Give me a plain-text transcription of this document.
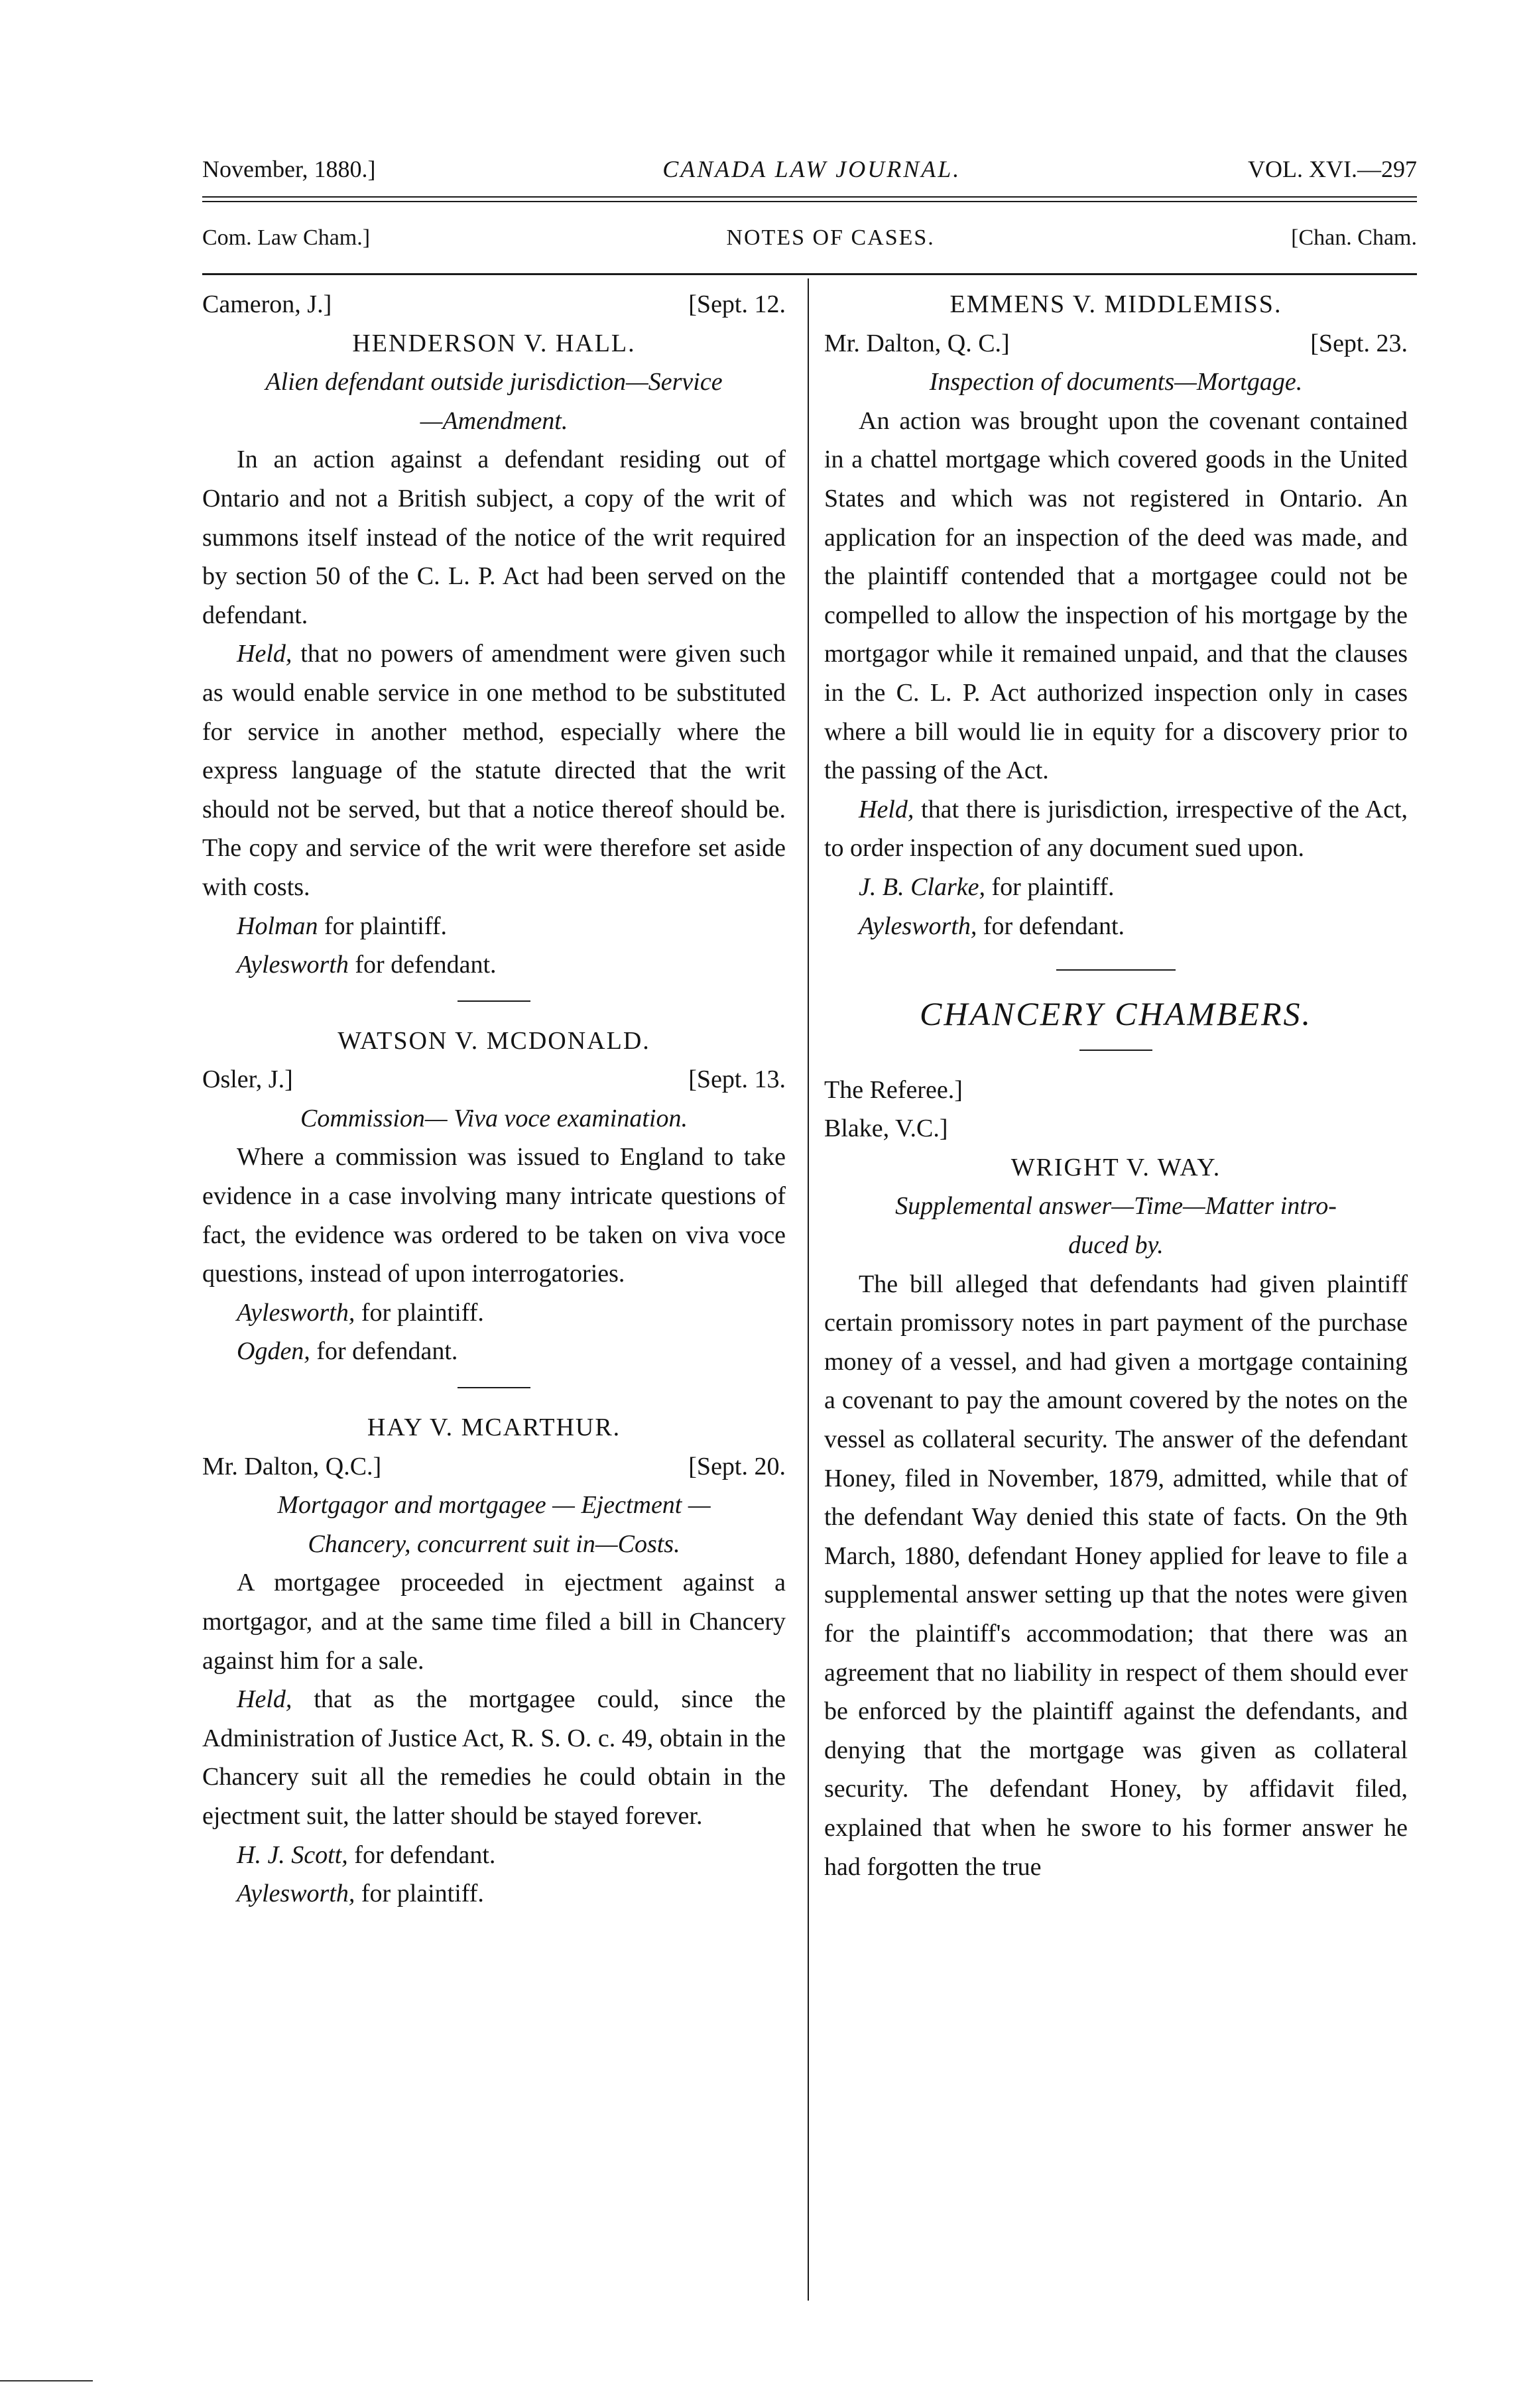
November, 1880.]	CANADA LAW JOURNAL.	VOL. XVI.—297
Com. Law Cham.]	NOTES OF CASES.	[Chan. Cham.
Cameron, J.]	[Sept. 12.
HENDERSON V. HALL.
Alien defendant outside jurisdiction—Service
—Amendment.

In an action against a defendant residing out of Ontario and not a British subject, a copy of the writ of summons itself instead of the notice of the writ required by section 50 of the C. L. P. Act had been served on the defendant.

Held, that no powers of amendment were given such as would enable service in one method to be substituted for service in another method, especially where the express language of the statute directed that the writ should not be served, but that a notice thereof should be. The copy and service of the writ were therefore set aside with costs.

Holman for plaintiff.
Aylesworth for defendant.
WATSON V. MCDONALD.
Osler, J.]	[Sept. 13.
Commission— Viva voce examination.

Where a commission was issued to England to take evidence in a case involving many intricate questions of fact, the evidence was ordered to be taken on viva voce questions, instead of upon interrogatories.

Aylesworth, for plaintiff.
Ogden, for defendant.
HAY V. MCARTHUR.
Mr. Dalton, Q.C.]	[Sept. 20.
Mortgagor and mortgagee — Ejectment —
Chancery, concurrent suit in—Costs.

A mortgagee proceeded in ejectment against a mortgagor, and at the same time filed a bill in Chancery against him for a sale.

Held, that as the mortgagee could, since the Administration of Justice Act, R. S. O. c. 49, obtain in the Chancery suit all the remedies he could obtain in the ejectment suit, the latter should be stayed forever.

H. J. Scott, for defendant.
Aylesworth, for plaintiff.
EMMENS V. MIDDLEMISS.
Mr. Dalton, Q. C.]	[Sept. 23.
Inspection of documents—Mortgage.

An action was brought upon the covenant contained in a chattel mortgage which covered goods in the United States and which was not registered in Ontario. An application for an inspection of the deed was made, and the plaintiff contended that a mortgagee could not be compelled to allow the inspection of his mortgage by the mortgagor while it remained unpaid, and that the clauses in the C. L. P. Act authorized inspection only in cases where a bill would lie in equity for a discovery prior to the passing of the Act.

Held, that there is jurisdiction, irrespective of the Act, to order inspection of any document sued upon.

J. B. Clarke, for plaintiff.
Aylesworth, for defendant.
CHANCERY CHAMBERS.
The Referee.]
Blake, V.C.]
WRIGHT V. WAY.
Supplemental answer—Time—Matter intro-
duced by.

The bill alleged that defendants had given plaintiff certain promissory notes in part payment of the purchase money of a vessel, and had given a mortgage containing a covenant to pay the amount covered by the notes on the vessel as collateral security. The answer of the defendant Honey, filed in November, 1879, admitted, while that of the defendant Way denied this state of facts. On the 9th March, 1880, defendant Honey applied for leave to file a supplemental answer setting up that the notes were given for the plaintiff's accommodation; that there was an agreement that no liability in respect of them should ever be enforced by the plaintiff against the defendants, and denying that the mortgage was given as collateral security. The defendant Honey, by affidavit filed, explained that when he swore to his former answer he had forgotten the true
